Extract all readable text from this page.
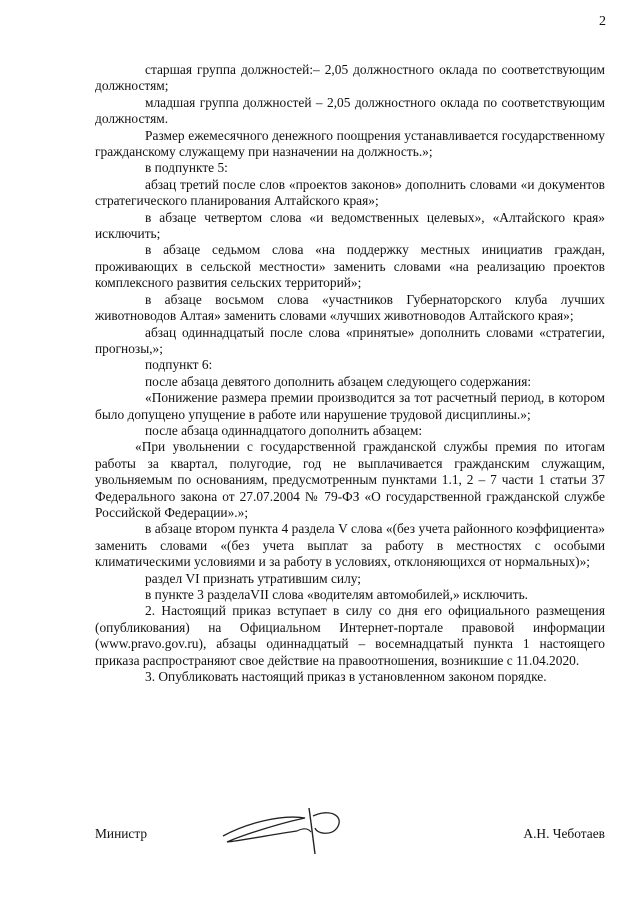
2

старшая группа должностей:– 2,05 должностного оклада по соответствующим должностям;

младшая группа должностей – 2,05 должностного оклада по соответствующим должностям.

Размер ежемесячного денежного поощрения устанавливается государственному гражданскому служащему при назначении на должность.»;

в подпункте 5:

абзац третий после слов «проектов законов» дополнить словами «и документов стратегического планирования Алтайского края»;

в абзаце четвертом слова «и ведомственных целевых», «Алтайского края» исключить;

в абзаце седьмом слова «на поддержку местных инициатив граждан, проживающих в сельской местности» заменить словами «на реализацию проектов комплексного развития сельских территорий»;

в абзаце восьмом слова «участников Губернаторского клуба лучших животноводов Алтая» заменить словами «лучших животноводов Алтайского края»;

абзац одиннадцатый после слова «принятые» дополнить словами «стратегии, прогнозы,»;

подпункт 6:

после абзаца девятого дополнить абзацем следующего содержания:

«Понижение размера премии производится за тот расчетный период, в котором было допущено упущение в работе или нарушение трудовой дисциплины.»;

после абзаца одиннадцатого дополнить абзацем:

«При увольнении с государственной гражданской службы премия по итогам работы за квартал, полугодие, год не выплачивается гражданским служащим, увольняемым по основаниям, предусмотренным пунктами 1.1, 2 – 7 части 1 статьи 37 Федерального закона от 27.07.2004 № 79-ФЗ «О государственной гражданской службе Российской Федерации».»;

в абзаце втором пункта 4 раздела V слова «(без учета районного коэффициента» заменить словами «(без учета выплат за работу в местностях с особыми климатическими условиями и за работу в условиях, отклоняющихся от нормальных)»;

раздел VI признать утратившим силу;

в пункте 3 разделаVII слова «водителям автомобилей,» исключить.

2. Настоящий приказ вступает в силу со дня его официального размещения (опубликования) на Официальном Интернет-портале правовой информации (www.pravo.gov.ru), абзацы одиннадцатый – восемнадцатый пункта 1 настоящего приказа распространяют свое действие на правоотношения, возникшие с 11.04.2020.

3. Опубликовать настоящий приказ в установленном законом порядке.

Министр	А.Н. Чеботаев
